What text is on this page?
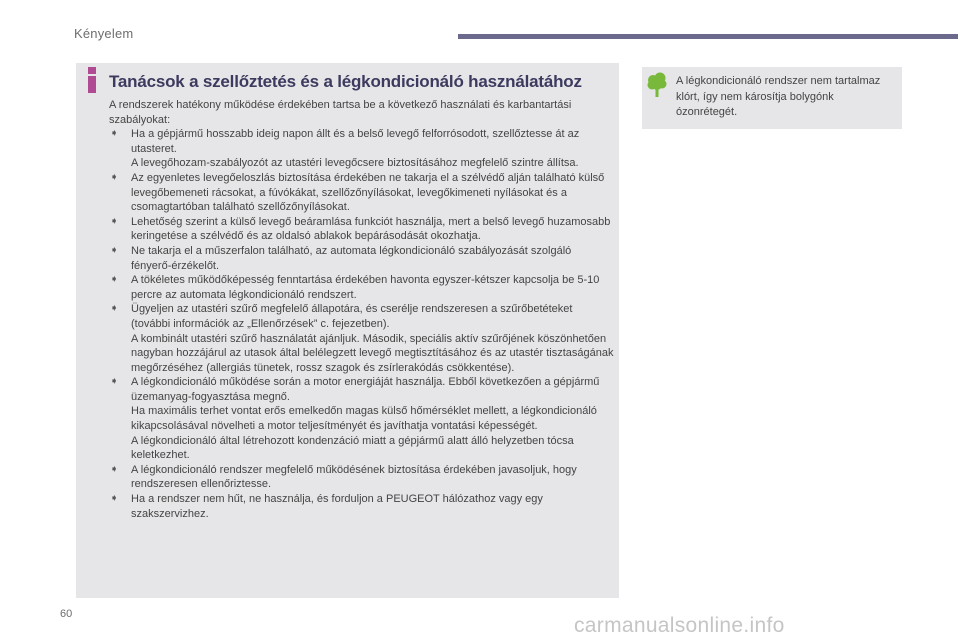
Kényelem
Tanácsok a szellőztetés és a légkondicionáló használatához

A rendszerek hatékony működése érdekében tartsa be a következő használati és karbantartási szabályokat:

➧ Ha a gépjármű hosszabb ideig napon állt és a belső levegő felforrósodott, szellőztesse át az utasteret.

A levegőhozam-szabályozót az utastéri levegőcsere biztosításához megfelelő szintre állítsa.

➧ Az egyenletes levegőeloszlás biztosítása érdekében ne takarja el a szélvédő alján található külső levegőbemeneti rácsokat, a fúvókákat, szellőzőnyílásokat, levegőkimeneti nyílásokat és a csomagtartóban található szellőzőnyílásokat.

➧ Lehetőség szerint a külső levegő beáramlása funkciót használja, mert a belső levegő huzamosabb keringetése a szélvédő és az oldalsó ablakok bepárásodását okozhatja.

➧ Ne takarja el a műszerfalon található, az automata légkondicionáló szabályozását szolgáló fényerő-érzékelőt.

➧ A tökéletes működőképesség fenntartása érdekében havonta egyszer-kétszer kapcsolja be 5-10 percre az automata légkondicionáló rendszert.

➧ Ügyeljen az utastéri szűrő megfelelő állapotára, és cserélje rendszeresen a szűrőbetéteket (további információk az „Ellenőrzések” c. fejezetben).

A kombinált utastéri szűrő használatát ajánljuk. Második, speciális aktív szűrőjének köszönhetően nagyban hozzájárul az utasok által belélegzett levegő megtisztításához és az utastér tisztaságának megőrzéséhez (allergiás tünetek, rossz szagok és zsírlerakódás csökkentése).

➧ A légkondicionáló működése során a motor energiáját használja. Ebből következően a gépjármű üzemanyag-fogyasztása megnő.

Ha maximális terhet vontat erős emelkedőn magas külső hőmérséklet mellett, a légkondicionáló kikapcsolásával növelheti a motor teljesítményét és javíthatja vontatási képességét.

A légkondicionáló által létrehozott kondenzáció miatt a gépjármű alatt álló helyzetben tócsa keletkezhet.

➧ A légkondicionáló rendszer megfelelő működésének biztosítása érdekében javasoljuk, hogy rendszeresen ellenőriztesse.

➧ Ha a rendszer nem hűt, ne használja, és forduljon a PEUGEOT hálózathoz vagy egy szakszervizhez.

A légkondicionáló rendszer nem tartalmaz klórt, így nem károsítja bolygónk ózonrétegét.
60	carmanualsonline.info
